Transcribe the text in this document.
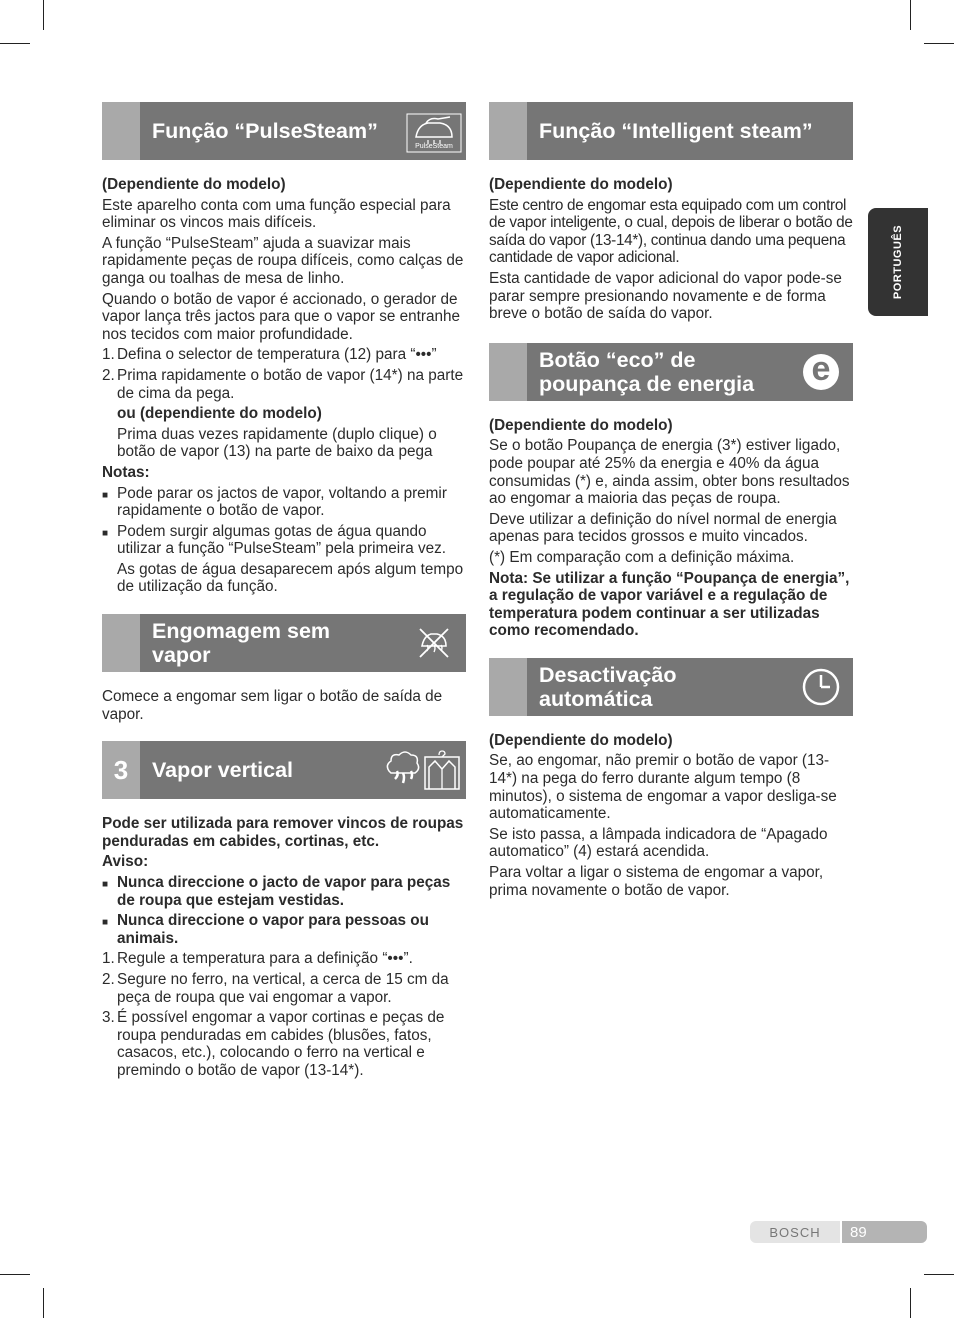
PORTUGUÊS
Função “PulseSteam”
PulseSteam

(Dependiente do modelo)

Este aparelho conta com uma função especial para eliminar os vincos mais difíceis.

A função “PulseSteam” ajuda a suavizar mais rapidamente peças de roupa difíceis, como calças de ganga ou toalhas de mesa de linho.

Quando o botão de vapor é accionado, o gerador de vapor lança três jactos para que o vapor se entranhe nos tecidos com maior profundidade.

1. Defina o selector de temperatura (12) para “•••”
2. Prima rapidamente o botão de vapor (14*) na parte de cima da pega.

ou (dependiente do modelo)

Prima duas vezes rapidamente (duplo clique) o botão de vapor (13) na parte de baixo da pega

Notas:

■ Pode parar os jactos de vapor, voltando a premir rapidamente o botão de vapor.
■ Podem surgir algumas gotas de água quando utilizar a função “PulseSteam” pela primeira vez.

As gotas de água desaparecem após algum tempo de utilização da função.

Engomagem sem vapor

Comece a engomar sem ligar o botão de saída de vapor.

3	Vapor vertical

Pode ser utilizada para remover vincos de roupas penduradas em cabides, cortinas, etc.

Aviso:

■ Nunca direccione o jacto de vapor para peças de roupa que estejam vestidas.
■ Nunca direccione o vapor para pessoas ou animais.
1. Regule a temperatura para a definição “•••”.
2. Segure no ferro, na vertical, a cerca de 15 cm da peça de roupa que vai engomar a vapor.
3. É possível engomar a vapor cortinas e peças de roupa penduradas em cabides (blusões, fatos, casacos, etc.), colocando o ferro na vertical e premindo o botão de vapor (13-14*).
Função “Intelligent steam”

(Dependiente do modelo)

Este centro de engomar esta equipado com um control de vapor inteligente, o cual, depois de liberar o botão de saída do vapor (13-14*), continua dando uma pequena cantidade de vapor adicional.

Esta cantidade de vapor adicional do vapor pode-se parar sempre presionando novamente e de forma breve o botão de saída do vapor.

Botão “eco” de poupança de energia	e

(Dependiente do modelo)

Se o botão Poupança de energia (3*) estiver ligado, pode poupar até 25% da energia e 40% da água consumidas (*) e, ainda assim, obter bons resultados ao engomar a maioria das peças de roupa.

Deve utilizar a definição do nível normal de energia apenas para tecidos grossos e muito vincados.

(*) Em comparação com a definição máxima.

Nota: Se utilizar a função “Poupança de energia”, a regulação de vapor variável e a regulação de temperatura podem continuar a ser utilizadas como recomendado.

Desactivação automática

(Dependiente do modelo)

Se, ao engomar, não premir o botão de vapor (13-14*) na pega do ferro durante algum tempo (8 minutos), o sistema de engomar a vapor desliga-se automaticamente.

Se isto passa, a lâmpada indicadora de “Apagado automatico” (4) estará acendida.

Para voltar a ligar o sistema de engomar a vapor, prima novamente o botão de vapor.

BOSCH	89
